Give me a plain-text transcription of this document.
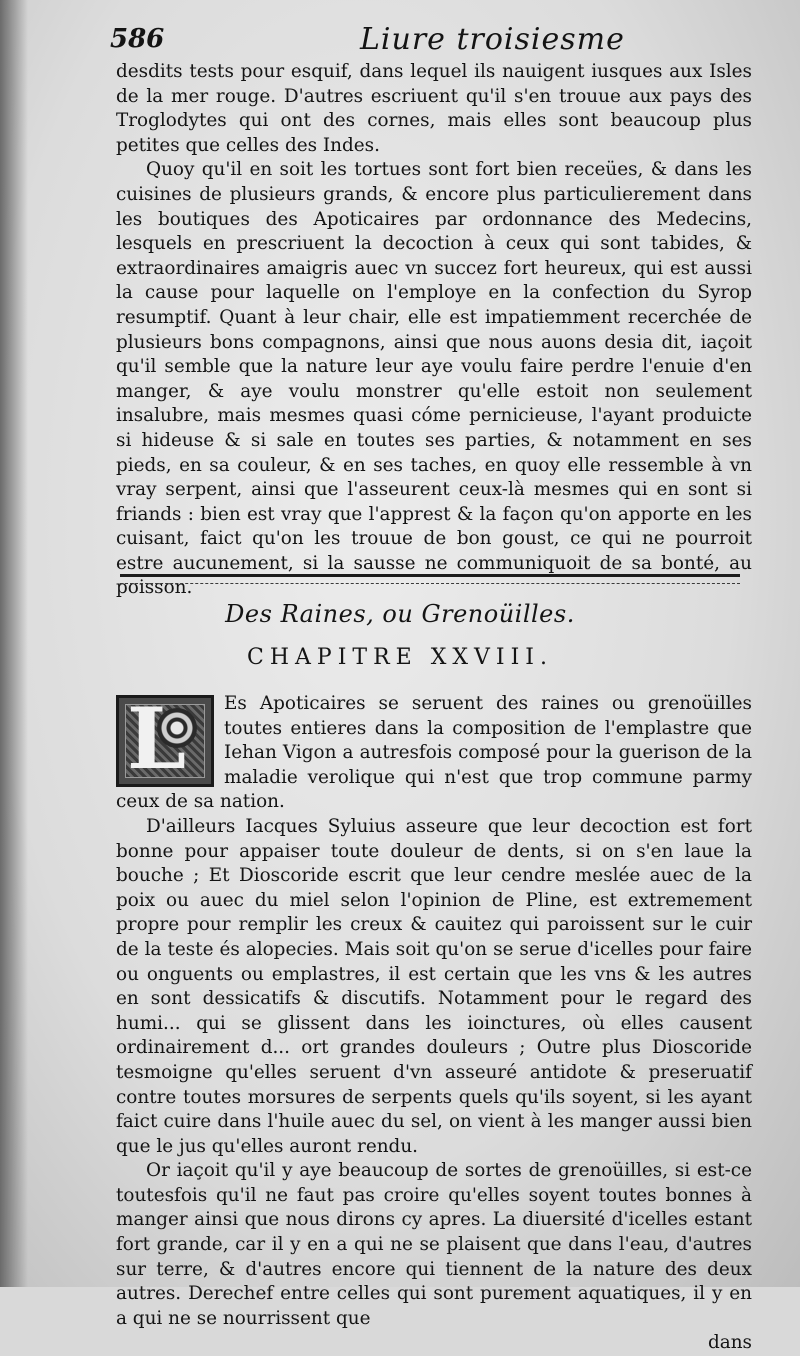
586	Liure troisiesme

desdits tests pour esquif, dans lequel ils nauigent iusques aux Isles de la mer rouge. D'autres escriuent qu'il s'en trouue aux pays des Troglodytes qui ont des cornes, mais elles sont beaucoup plus petites que celles des Indes.

Quoy qu'il en soit les tortues sont fort bien receües, & dans les cuisines de plusieurs grands, & encore plus particulierement dans les boutiques des Apoticaires par ordonnance des Medecins, lesquels en prescriuent la decoction à ceux qui sont tabides, & extraordinaires amaigris auec vn succez fort heureux, qui est aussi la cause pour laquelle on l'employe en la confection du Syrop resumptif. Quant à leur chair, elle est impatiemment recerchée de plusieurs bons compagnons, ainsi que nous auons desia dit, iaçoit qu'il semble que la nature leur aye voulu faire perdre l'enuie d'en manger, & aye voulu monstrer qu'elle estoit non seulement insalubre, mais mesmes quasi cóme pernicieuse, l'ayant produicte si hideuse & si sale en toutes ses parties, & notamment en ses pieds, en sa couleur, & en ses taches, en quoy elle ressemble à vn vray serpent, ainsi que l'asseurent ceux-là mesmes qui en sont si friands : bien est vray que l'apprest & la façon qu'on apporte en les cuisant, faict qu'on les trouue de bon goust, ce qui ne pourroit estre aucunement, si la sausse ne communiquoit de sa bonté, au poisson.

Des Raines, ou Grenoüilles.
CHAPITRE XXVIII.
L	Es Apoticaires se seruent des raines ou grenoüilles toutes entieres dans la composition de l'emplastre que Iehan Vigon a autresfois composé pour la guerison de la maladie verolique qui n'est que trop commune parmy ceux de sa nation.

D'ailleurs Iacques Syluius asseure que leur decoction est fort bonne pour appaiser toute douleur de dents, si on s'en laue la bouche ; Et Dioscoride escrit que leur cendre meslée auec de la poix ou auec du miel selon l'opinion de Pline, est extremement propre pour remplir les creux & cauitez qui paroissent sur le cuir de la teste és alopecies. Mais soit qu'on se serue d'icelles pour faire ou onguents ou emplastres, il est certain que les vns & les autres en sont dessicatifs & discutifs. Notamment pour le regard des humi... qui se glissent dans les ioinctures, où elles causent ordinairement d... ort grandes douleurs ; Outre plus Dioscoride tesmoigne qu'elles seruent d'vn asseuré antidote & preseruatif contre toutes morsures de serpents quels qu'ils soyent, si les ayant faict cuire dans l'huile auec du sel, on vient à les manger aussi bien que le jus qu'elles auront rendu.

Or iaçoit qu'il y aye beaucoup de sortes de grenoüilles, si est-ce toutesfois qu'il ne faut pas croire qu'elles soyent toutes bonnes à manger ainsi que nous dirons cy apres. La diuersité d'icelles estant fort grande, car il y en a qui ne se plaisent que dans l'eau, d'autres sur terre, & d'autres encore qui tiennent de la nature des deux autres. Derechef entre celles qui sont purement aquatiques, il y en a qui ne se nourrissent que

dans
